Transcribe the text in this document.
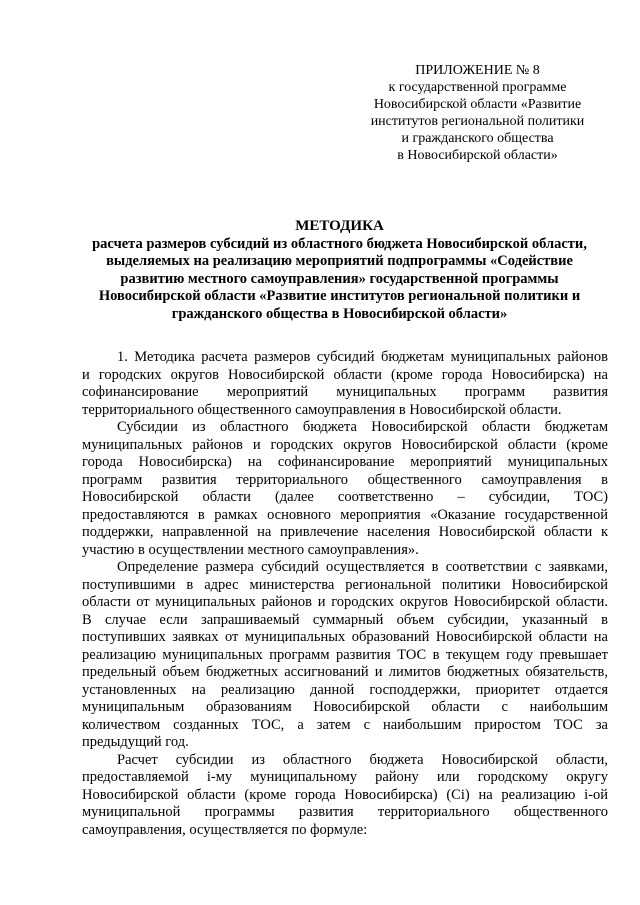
ПРИЛОЖЕНИЕ № 8
к государственной программе
Новосибирской области «Развитие
институтов региональной политики
и гражданского общества
в Новосибирской области»
МЕТОДИКА
расчета размеров субсидий из областного бюджета Новосибирской области,
выделяемых на реализацию мероприятий подпрограммы «Содействие
развитию местного самоуправления» государственной программы
Новосибирской области «Развитие институтов региональной политики и
гражданского общества в Новосибирской области»
1. Методика расчета размеров субсидий бюджетам муниципальных районов
и городских округов Новосибирской области (кроме города Новосибирска) на
софинансирование мероприятий муниципальных программ развития
территориального общественного самоуправления в Новосибирской области.
Субсидии из областного бюджета Новосибирской области бюджетам
муниципальных районов и городских округов Новосибирской области (кроме
города Новосибирска) на софинансирование мероприятий муниципальных
программ развития территориального общественного самоуправления в
Новосибирской области (далее соответственно – субсидии, ТОС)
предоставляются в рамках основного мероприятия «Оказание государственной
поддержки, направленной на привлечение населения Новосибирской области к
участию в осуществлении местного самоуправления».
Определение размера субсидий осуществляется в соответствии с заявками,
поступившими в адрес министерства региональной политики Новосибирской
области от муниципальных районов и городских округов Новосибирской области.
В случае если запрашиваемый суммарный объем субсидии, указанный в
поступивших заявках от муниципальных образований Новосибирской области на
реализацию муниципальных программ развития ТОС в текущем году превышает
предельный объем бюджетных ассигнований и лимитов бюджетных обязательств,
установленных на реализацию данной господдержки, приоритет отдается
муниципальным образованиям Новосибирской области с наибольшим
количеством созданных ТОС, а затем с наибольшим приростом ТОС за
предыдущий год.
Расчет субсидии из областного бюджета Новосибирской области,
предоставляемой i-му муниципальному району или городскому округу
Новосибирской области (кроме города Новосибирска) (Ci) на реализацию i-ой
муниципальной программы развития территориального общественного
самоуправления, осуществляется по формуле:
